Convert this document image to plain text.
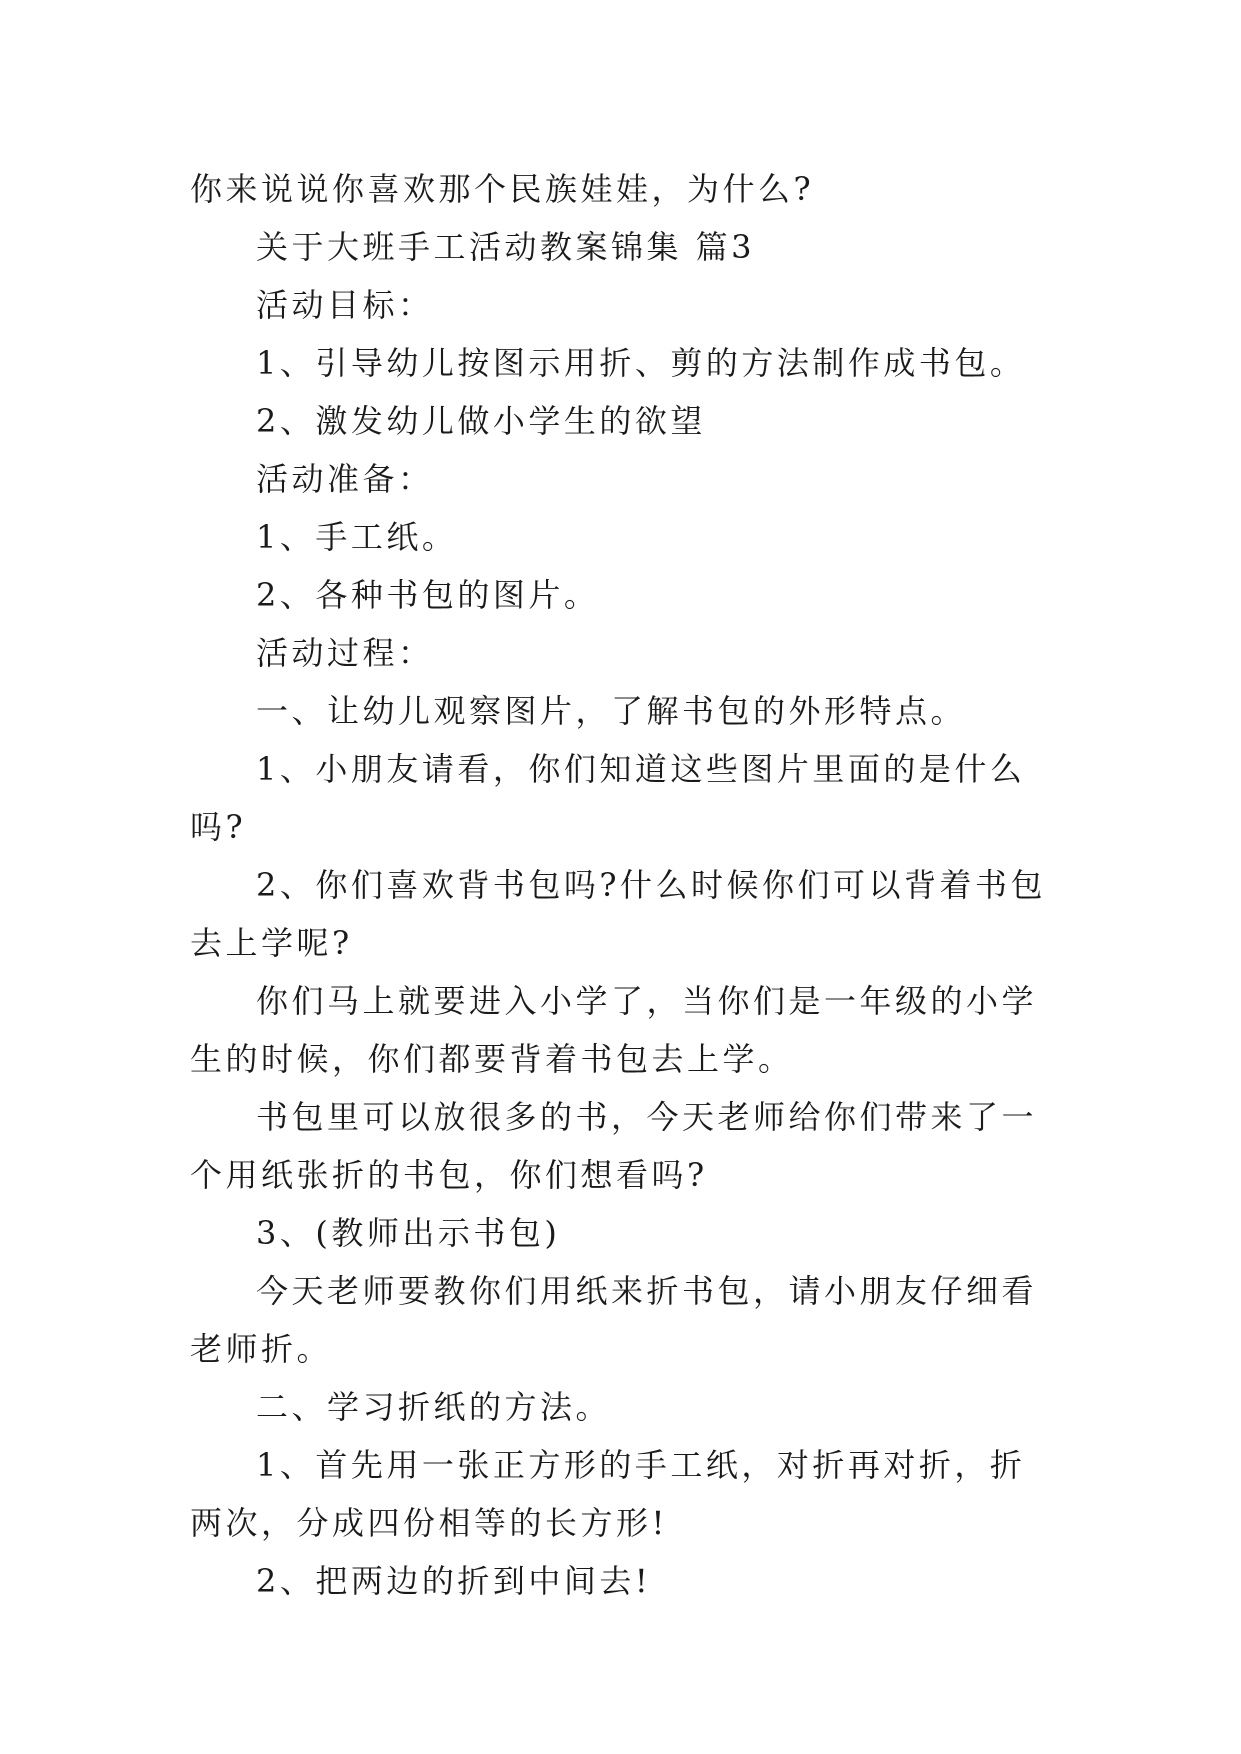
你来说说你喜欢那个民族娃娃，为什么?

关于大班手工活动教案锦集 篇3

活动目标：

1、引导幼儿按图示用折、剪的方法制作成书包。

2、激发幼儿做小学生的欲望

活动准备：

1、手工纸。

2、各种书包的图片。

活动过程：

一、让幼儿观察图片，了解书包的外形特点。

1、小朋友请看，你们知道这些图片里面的是什么吗?

2、你们喜欢背书包吗?什么时候你们可以背着书包去上学呢?

你们马上就要进入小学了，当你们是一年级的小学生的时候，你们都要背着书包去上学。

书包里可以放很多的书，今天老师给你们带来了一个用纸张折的书包，你们想看吗?

3、(教师出示书包)

今天老师要教你们用纸来折书包，请小朋友仔细看老师折。

二、学习折纸的方法。

1、首先用一张正方形的手工纸，对折再对折，折两次，分成四份相等的长方形!

2、把两边的折到中间去!
